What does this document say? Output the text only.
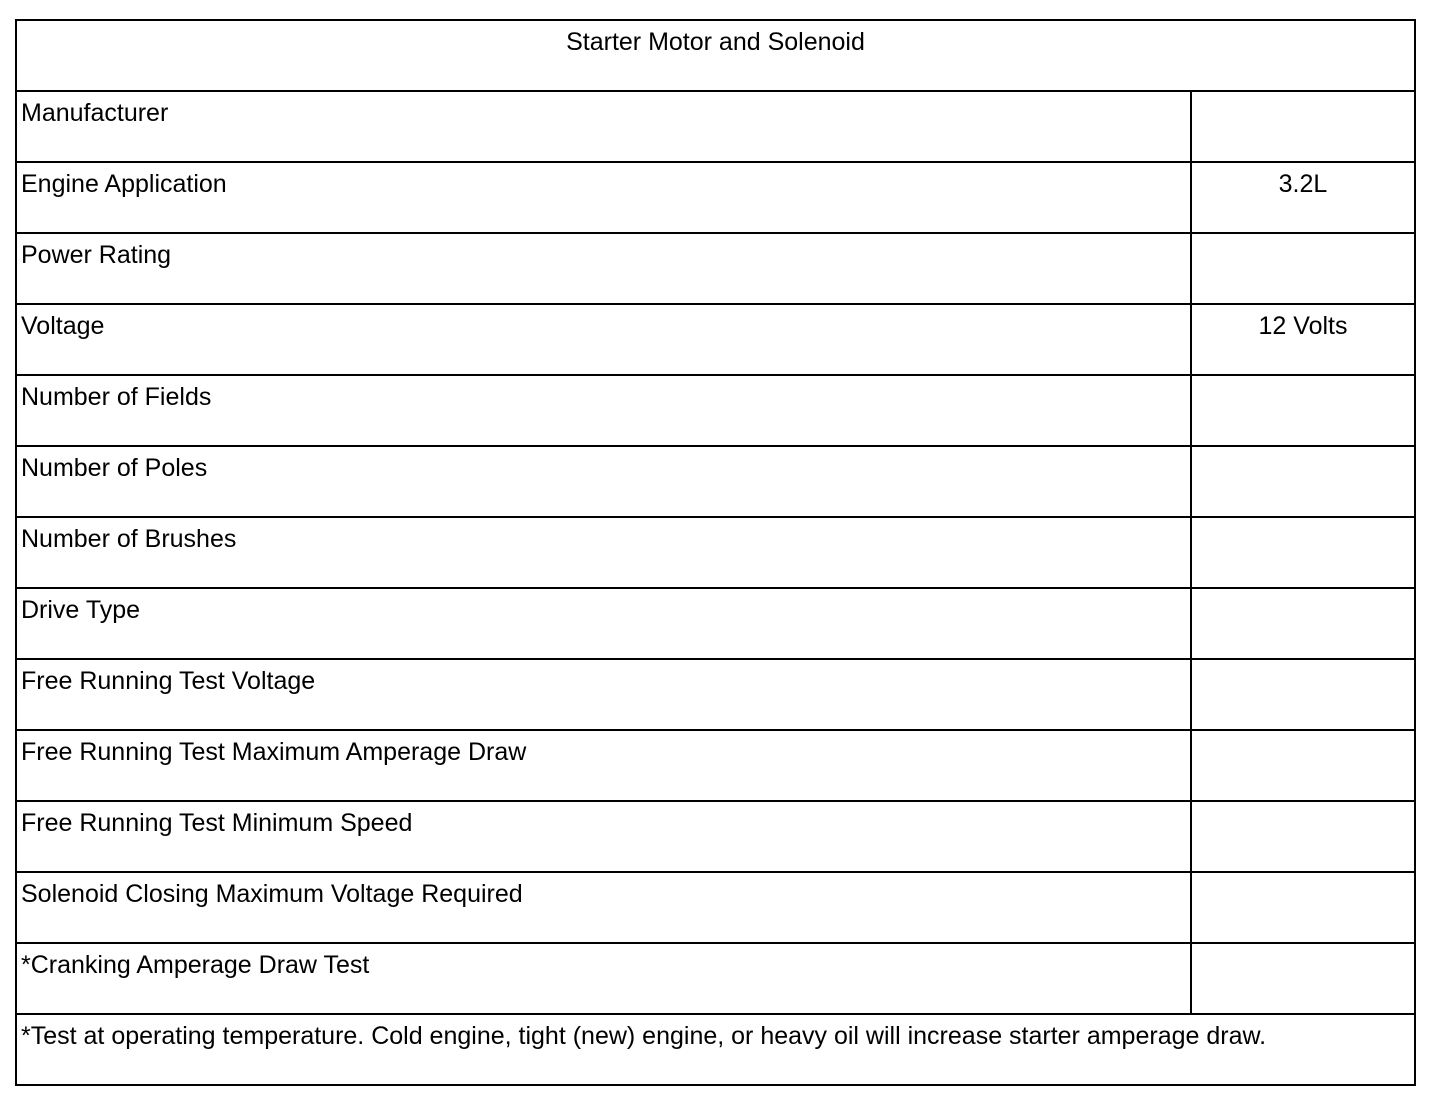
Starter Motor and Solenoid	
Manufacturer	
Engine Application	3.2L
Power Rating	
Voltage	12 Volts
Number of Fields	
Number of Poles	
Number of Brushes	
Drive Type	
Free Running Test Voltage	
Free Running Test Maximum Amperage Draw	
Free Running Test Minimum Speed	
Solenoid Closing Maximum Voltage Required	
*Cranking Amperage Draw Test	
*Test at operating temperature. Cold engine, tight (new) engine, or heavy oil will increase starter amperage draw.	
